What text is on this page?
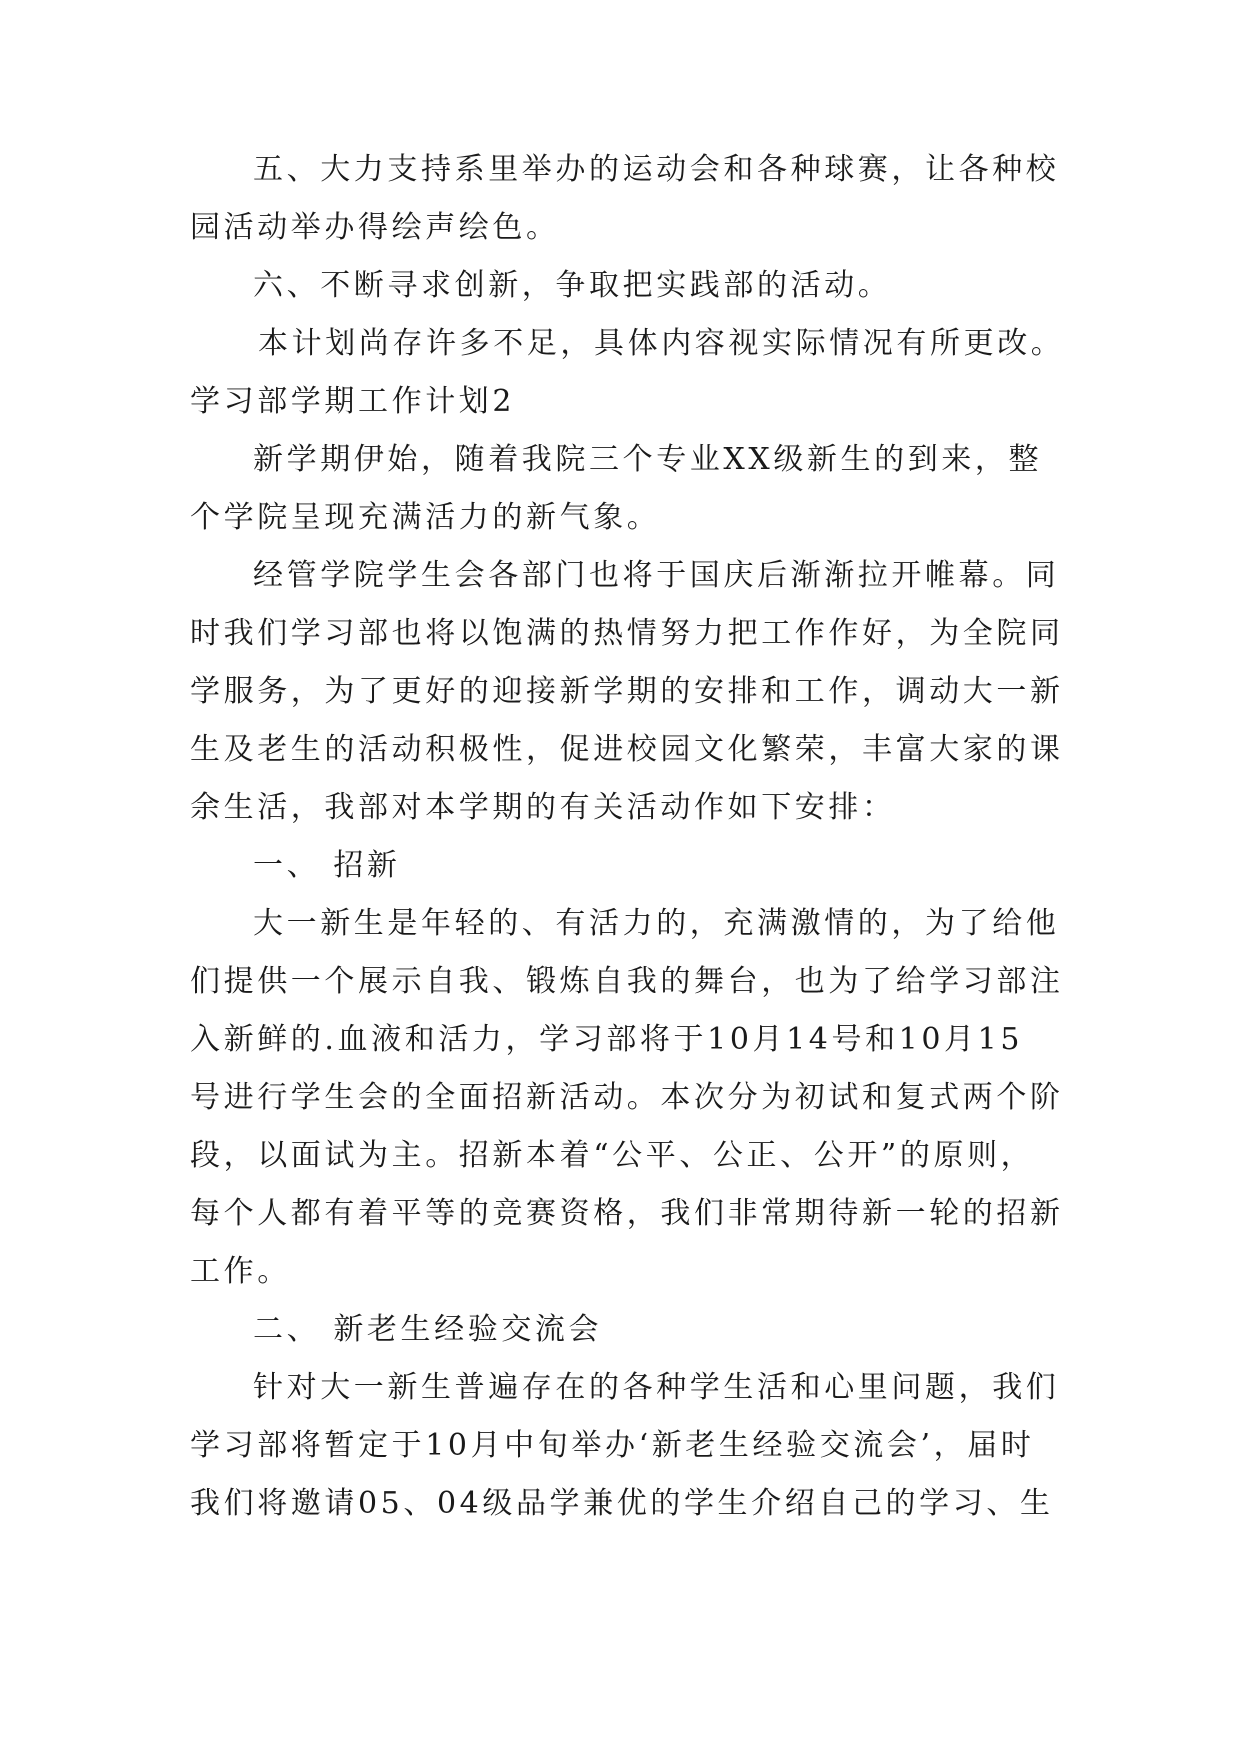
五、大力支持系里举办的运动会和各种球赛，让各种校

园活动举办得绘声绘色。

六、不断寻求创新，争取把实践部的活动。

本计划尚存许多不足，具体内容视实际情况有所更改。

学习部学期工作计划2

新学期伊始，随着我院三个专业XX级新生的到来，整

个学院呈现充满活力的新气象。

经管学院学生会各部门也将于国庆后渐渐拉开帷幕。同

时我们学习部也将以饱满的热情努力把工作作好，为全院同

学服务，为了更好的迎接新学期的安排和工作，调动大一新

生及老生的活动积极性，促进校园文化繁荣，丰富大家的课

余生活，我部对本学期的有关活动作如下安排：

一、 招新

大一新生是年轻的、有活力的，充满激情的，为了给他

们提供一个展示自我、锻炼自我的舞台，也为了给学习部注

入新鲜的.血液和活力，学习部将于10月14号和10月15

号进行学生会的全面招新活动。本次分为初试和复式两个阶

段，以面试为主。招新本着“公平、公正、公开”的原则，

每个人都有着平等的竞赛资格，我们非常期待新一轮的招新

工作。

二、 新老生经验交流会

针对大一新生普遍存在的各种学生活和心里问题，我们

学习部将暂定于10月中旬举办‘新老生经验交流会’，届时

我们将邀请05、04级品学兼优的学生介绍自己的学习、生
